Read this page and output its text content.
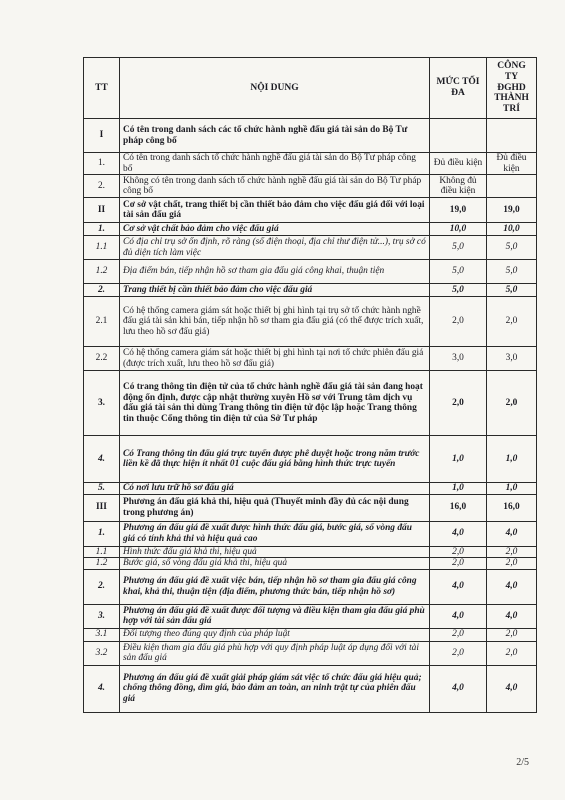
TT	NỘI DUNG	MỨC TỐI ĐA	CÔNG TY ĐGHD THÀNH TRÍ
I	Có tên trong danh sách các tổ chức hành nghề đấu giá tài sản do Bộ Tư pháp công bố		
1.	Có tên trong danh sách tổ chức hành nghề đấu giá tài sản do Bộ Tư pháp công bố	Đủ điều kiện	Đủ điều kiện
2.	Không có tên trong danh sách tổ chức hành nghề đấu giá tài sản do Bộ Tư pháp công bố	Không đủ điều kiện	
II	Cơ sở vật chất, trang thiết bị cần thiết bảo đảm cho việc đấu giá đối với loại tài sản đấu giá	19,0	19,0
1.	Cơ sở vật chất bảo đảm cho việc đấu giá	10,0	10,0
1.1	Có địa chỉ trụ sở ổn định, rõ ràng (số điện thoại, địa chỉ thư điện tử...), trụ sở có đủ diện tích làm việc	5,0	5,0
1.2	Địa điểm bán, tiếp nhận hồ sơ tham gia đấu giá công khai, thuận tiện	5,0	5,0
2.	Trang thiết bị cần thiết bảo đảm cho việc đấu giá	5,0	5,0
2.1	Có hệ thống camera giám sát hoặc thiết bị ghi hình tại trụ sở tổ chức hành nghề đấu giá tài sản khi bán, tiếp nhận hồ sơ tham gia đấu giá (có thể được trích xuất, lưu theo hồ sơ đấu giá)	2,0	2,0
2.2	Có hệ thống camera giám sát hoặc thiết bị ghi hình tại nơi tổ chức phiên đấu giá (được trích xuất, lưu theo hồ sơ đấu giá)	3,0	3,0
3.	Có trang thông tin điện tử của tổ chức hành nghề đấu giá tài sản đang hoạt động ổn định, được cập nhật thường xuyên Hồ sơ với Trung tâm dịch vụ đấu giá tài sản thì dùng Trang thông tin điện tử độc lập hoặc Trang thông tin thuộc Cổng thông tin điện tử của Sở Tư pháp	2,0	2,0
4.	Có Trang thông tin đấu giá trực tuyến được phê duyệt hoặc trong năm trước liền kề đã thực hiện ít nhất 01 cuộc đấu giá bằng hình thức trực tuyến	1,0	1,0
5.	Có nơi lưu trữ hồ sơ đấu giá	1,0	1,0
III	Phương án đấu giá khả thi, hiệu quả (Thuyết minh đầy đủ các nội dung trong phương án)	16,0	16,0
1.	Phương án đấu giá đề xuất được hình thức đấu giá, bước giá, số vòng đấu giá có tính khả thi và hiệu quả cao	4,0	4,0
1.1	Hình thức đấu giá khả thi, hiệu quả	2,0	2,0
1.2	Bước giá, số vòng đấu giá khả thi, hiệu quả	2,0	2,0
2.	Phương án đấu giá đề xuất việc bán, tiếp nhận hồ sơ tham gia đấu giá công khai, khả thi, thuận tiện (địa điểm, phương thức bán, tiếp nhận hồ sơ)	4,0	4,0
3.	Phương án đấu giá đề xuất được đối tượng và điều kiện tham gia đấu giá phù hợp với tài sản đấu giá	4,0	4,0
3.1	Đối tượng theo đúng quy định của pháp luật	2,0	2,0
3.2	Điều kiện tham gia đấu giá phù hợp với quy định pháp luật áp dụng đối với tài sản đấu giá	2,0	2,0
4.	Phương án đấu giá đề xuất giải pháp giám sát việc tổ chức đấu giá hiệu quả; chống thông đồng, dìm giá, bảo đảm an toàn, an ninh trật tự của phiên đấu giá	4,0	4,0
2/5
